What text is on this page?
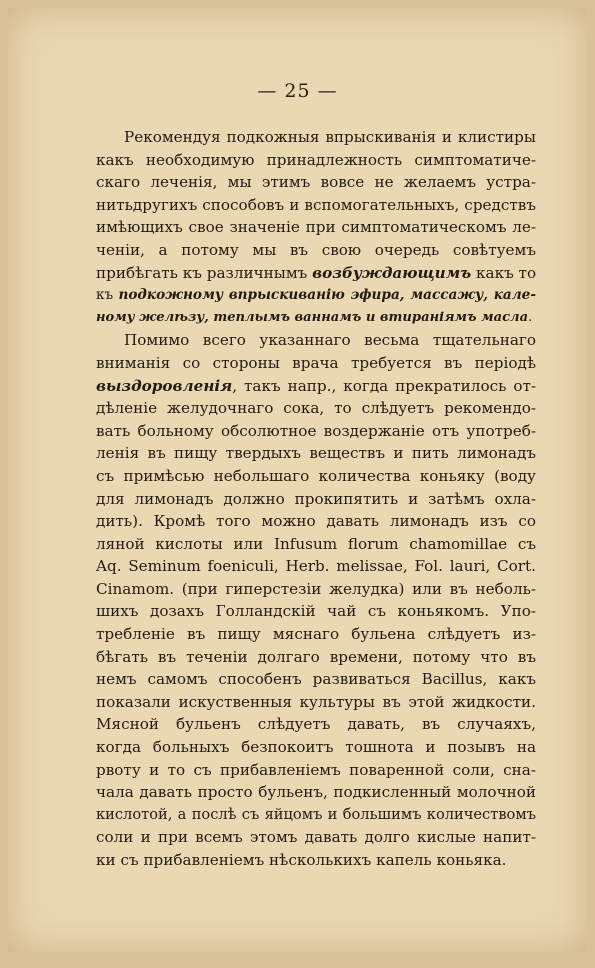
— 25 —
Рекомендуя подкожныя впрыскиванія и клистиры
какъ необходимую принадлежность симптоматиче-
скаго леченія, мы этимъ вовсе не желаемъ устра-
нитьдругихъ способовъ и вспомогательныхъ, средствъ
имѣющихъ свое значеніе при симптоматическомъ ле-
ченіи, а потому мы въ свою очередь совѣтуемъ
прибѣгать къ различнымъ возбуждающимъ какъ то
къ подкожному впрыскиванію эфира, массажу, кале-
ному желѣзу, теплымъ ваннамъ и втираніямъ масла.
Помимо всего указаннаго весьма тщательнаго
вниманія со стороны врача требуется въ періодѣ
выздоровленія, такъ напр., когда прекратилось от-
дѣленіе желудочнаго сока, то слѣдуетъ рекомендо-
вать больному обсолютное воздержаніе отъ употреб-
ленія въ пищу твердыхъ веществъ и пить лимонадъ
съ примѣсью небольшаго количества коньяку (воду
для лимонадъ должно прокипятить и затѣмъ охла-
дить). Кромѣ того можно давать лимонадъ изъ со
ляной кислоты или Infusum florum chamomillae съ
Aq. Seminum foeniculi, Herb. melissae, Fol. lauri, Cort.
Cinamom. (при гиперстезіи желудка) или въ неболь-
шихъ дозахъ Голландскій чай съ коньякомъ. Упо-
требленіе въ пищу мяснаго бульена слѣдуетъ из-
бѣгать въ теченіи долгаго времени, потому что въ
немъ самомъ способенъ развиваться Bacillus, какъ
показали искуственныя культуры въ этой жидкости.
Мясной бульенъ слѣдуетъ давать, въ случаяхъ,
когда больныхъ безпокоитъ тошнота и позывъ на
рвоту и то съ прибавленіемъ поваренной соли, сна-
чала давать просто бульенъ, подкисленный молочной
кислотой, а послѣ съ яйцомъ и большимъ количествомъ
соли и при всемъ этомъ давать долго кислые напит-
ки съ прибавленіемъ нѣсколькихъ капель коньяка.
